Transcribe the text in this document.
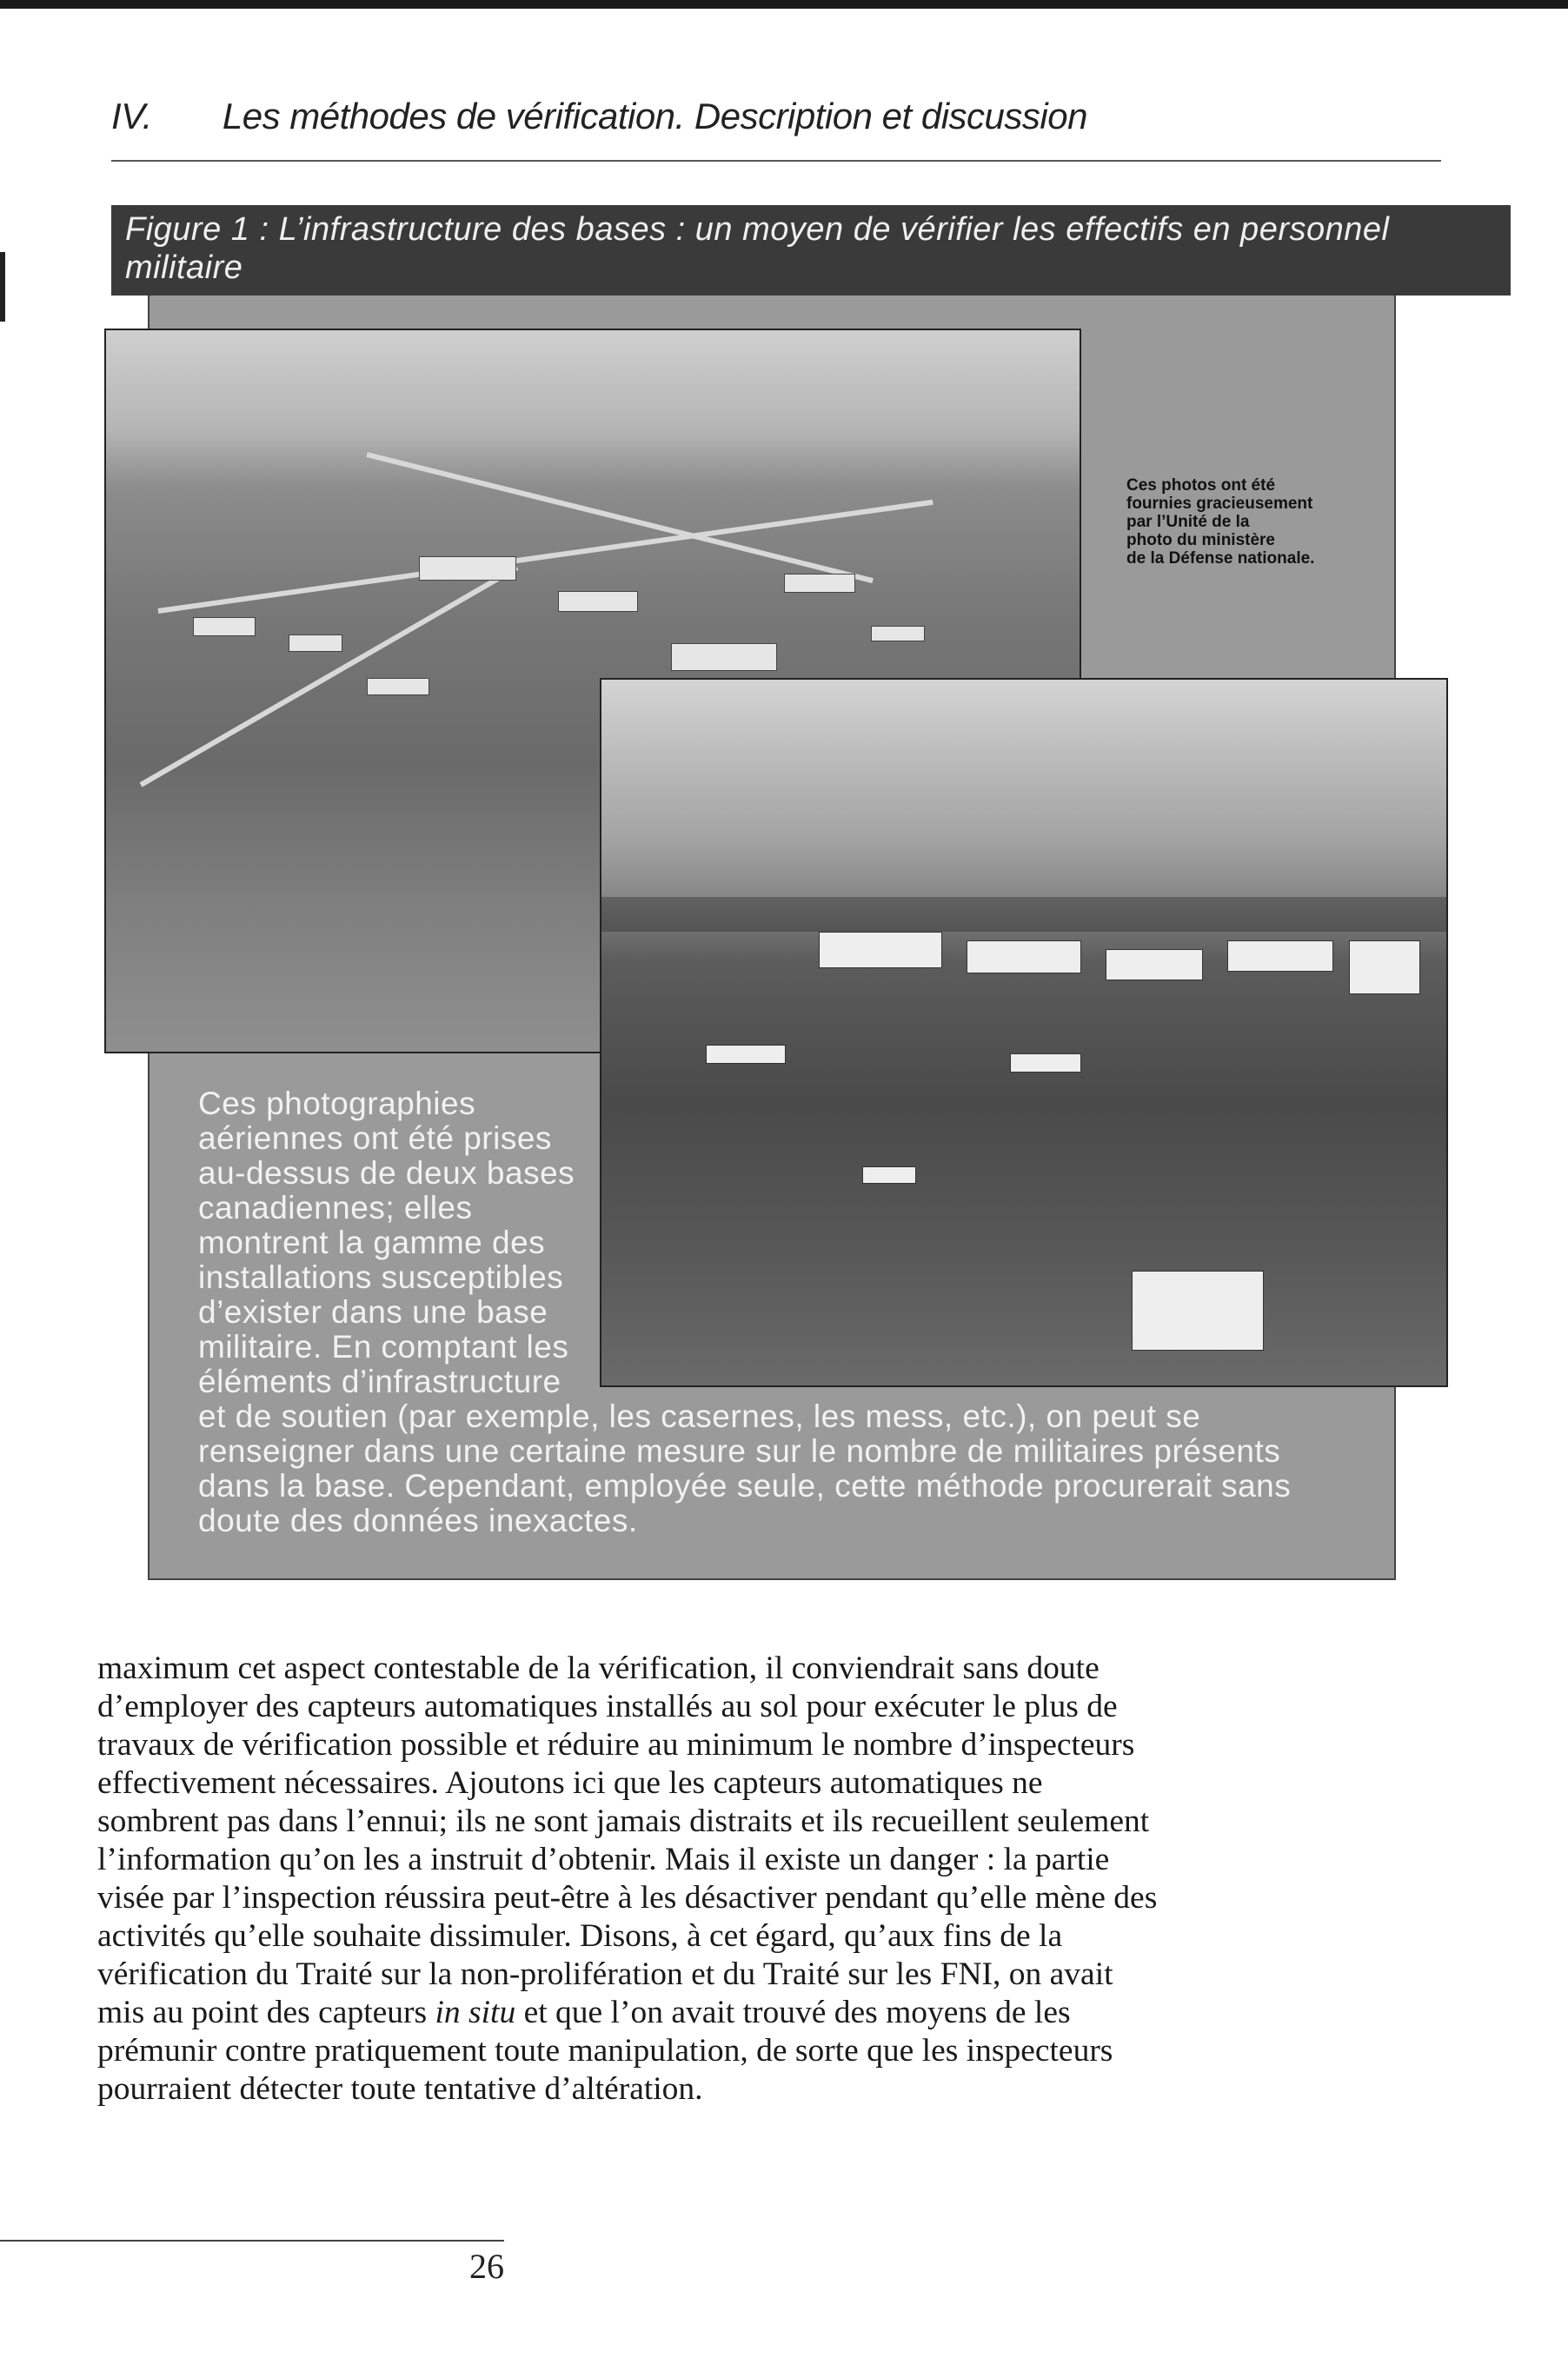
IV. Les méthodes de vérification. Description et discussion
Figure 1 : L’infrastructure des bases : un moyen de vérifier les effectifs en personnel
militaire
Ces photos ont été
fournies gracieusement
par l’Unité de la
photo du ministère
de la Défense nationale.
Ces photographies
aériennes ont été prises
au-dessus de deux bases
canadiennes; elles
montrent la gamme des
installations susceptibles
d’exister dans une base
militaire. En comptant les
éléments d’infrastructure
et de soutien (par exemple, les casernes, les mess, etc.), on peut se
renseigner dans une certaine mesure sur le nombre de militaires présents
dans la base. Cependant, employée seule, cette méthode procurerait sans
doute des données inexactes.
maximum cet aspect contestable de la vérification, il conviendrait sans doute
d’employer des capteurs automatiques installés au sol pour exécuter le plus de
travaux de vérification possible et réduire au minimum le nombre d’inspecteurs
effectivement nécessaires. Ajoutons ici que les capteurs automatiques ne
sombrent pas dans l’ennui; ils ne sont jamais distraits et ils recueillent seulement
l’information qu’on les a instruit d’obtenir. Mais il existe un danger : la partie
visée par l’inspection réussira peut-être à les désactiver pendant qu’elle mène des
activités qu’elle souhaite dissimuler. Disons, à cet égard, qu’aux fins de la
vérification du Traité sur la non-prolifération et du Traité sur les FNI, on avait
mis au point des capteurs in situ et que l’on avait trouvé des moyens de les
prémunir contre pratiquement toute manipulation, de sorte que les inspecteurs
pourraient détecter toute tentative d’altération.
26
